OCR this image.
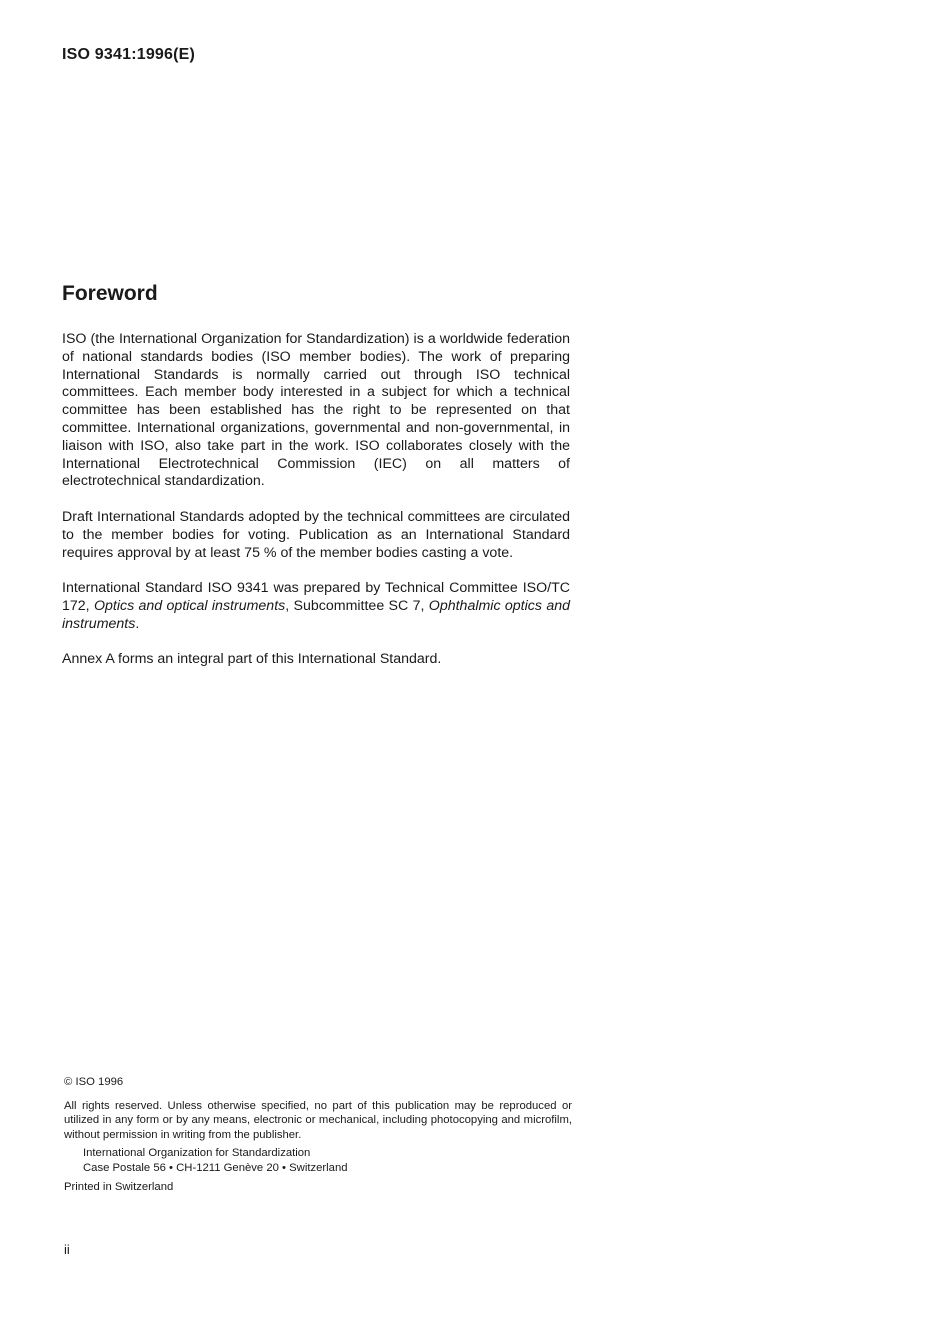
ISO 9341:1996(E)
Foreword

ISO (the International Organization for Standardization) is a worldwide federation of national standards bodies (ISO member bodies). The work of preparing International Standards is normally carried out through ISO technical committees. Each member body interested in a subject for which a technical committee has been established has the right to be represented on that committee. International organizations, governmental and non-governmental, in liaison with ISO, also take part in the work. ISO collaborates closely with the International Electrotechnical Commission (IEC) on all matters of electrotechnical standardization.

Draft International Standards adopted by the technical committees are circulated to the member bodies for voting. Publication as an International Standard requires approval by at least 75 % of the member bodies casting a vote.

International Standard ISO 9341 was prepared by Technical Committee ISO/TC 172, Optics and optical instruments, Subcommittee SC 7, Ophthalmic optics and instruments.

Annex A forms an integral part of this International Standard.

© ISO 1996
All rights reserved. Unless otherwise specified, no part of this publication may be reproduced or utilized in any form or by any means, electronic or mechanical, including photocopying and microfilm, without permission in writing from the publisher.
International Organization for Standardization
Case Postale 56 • CH-1211 Genève 20 • Switzerland
Printed in Switzerland
ii
